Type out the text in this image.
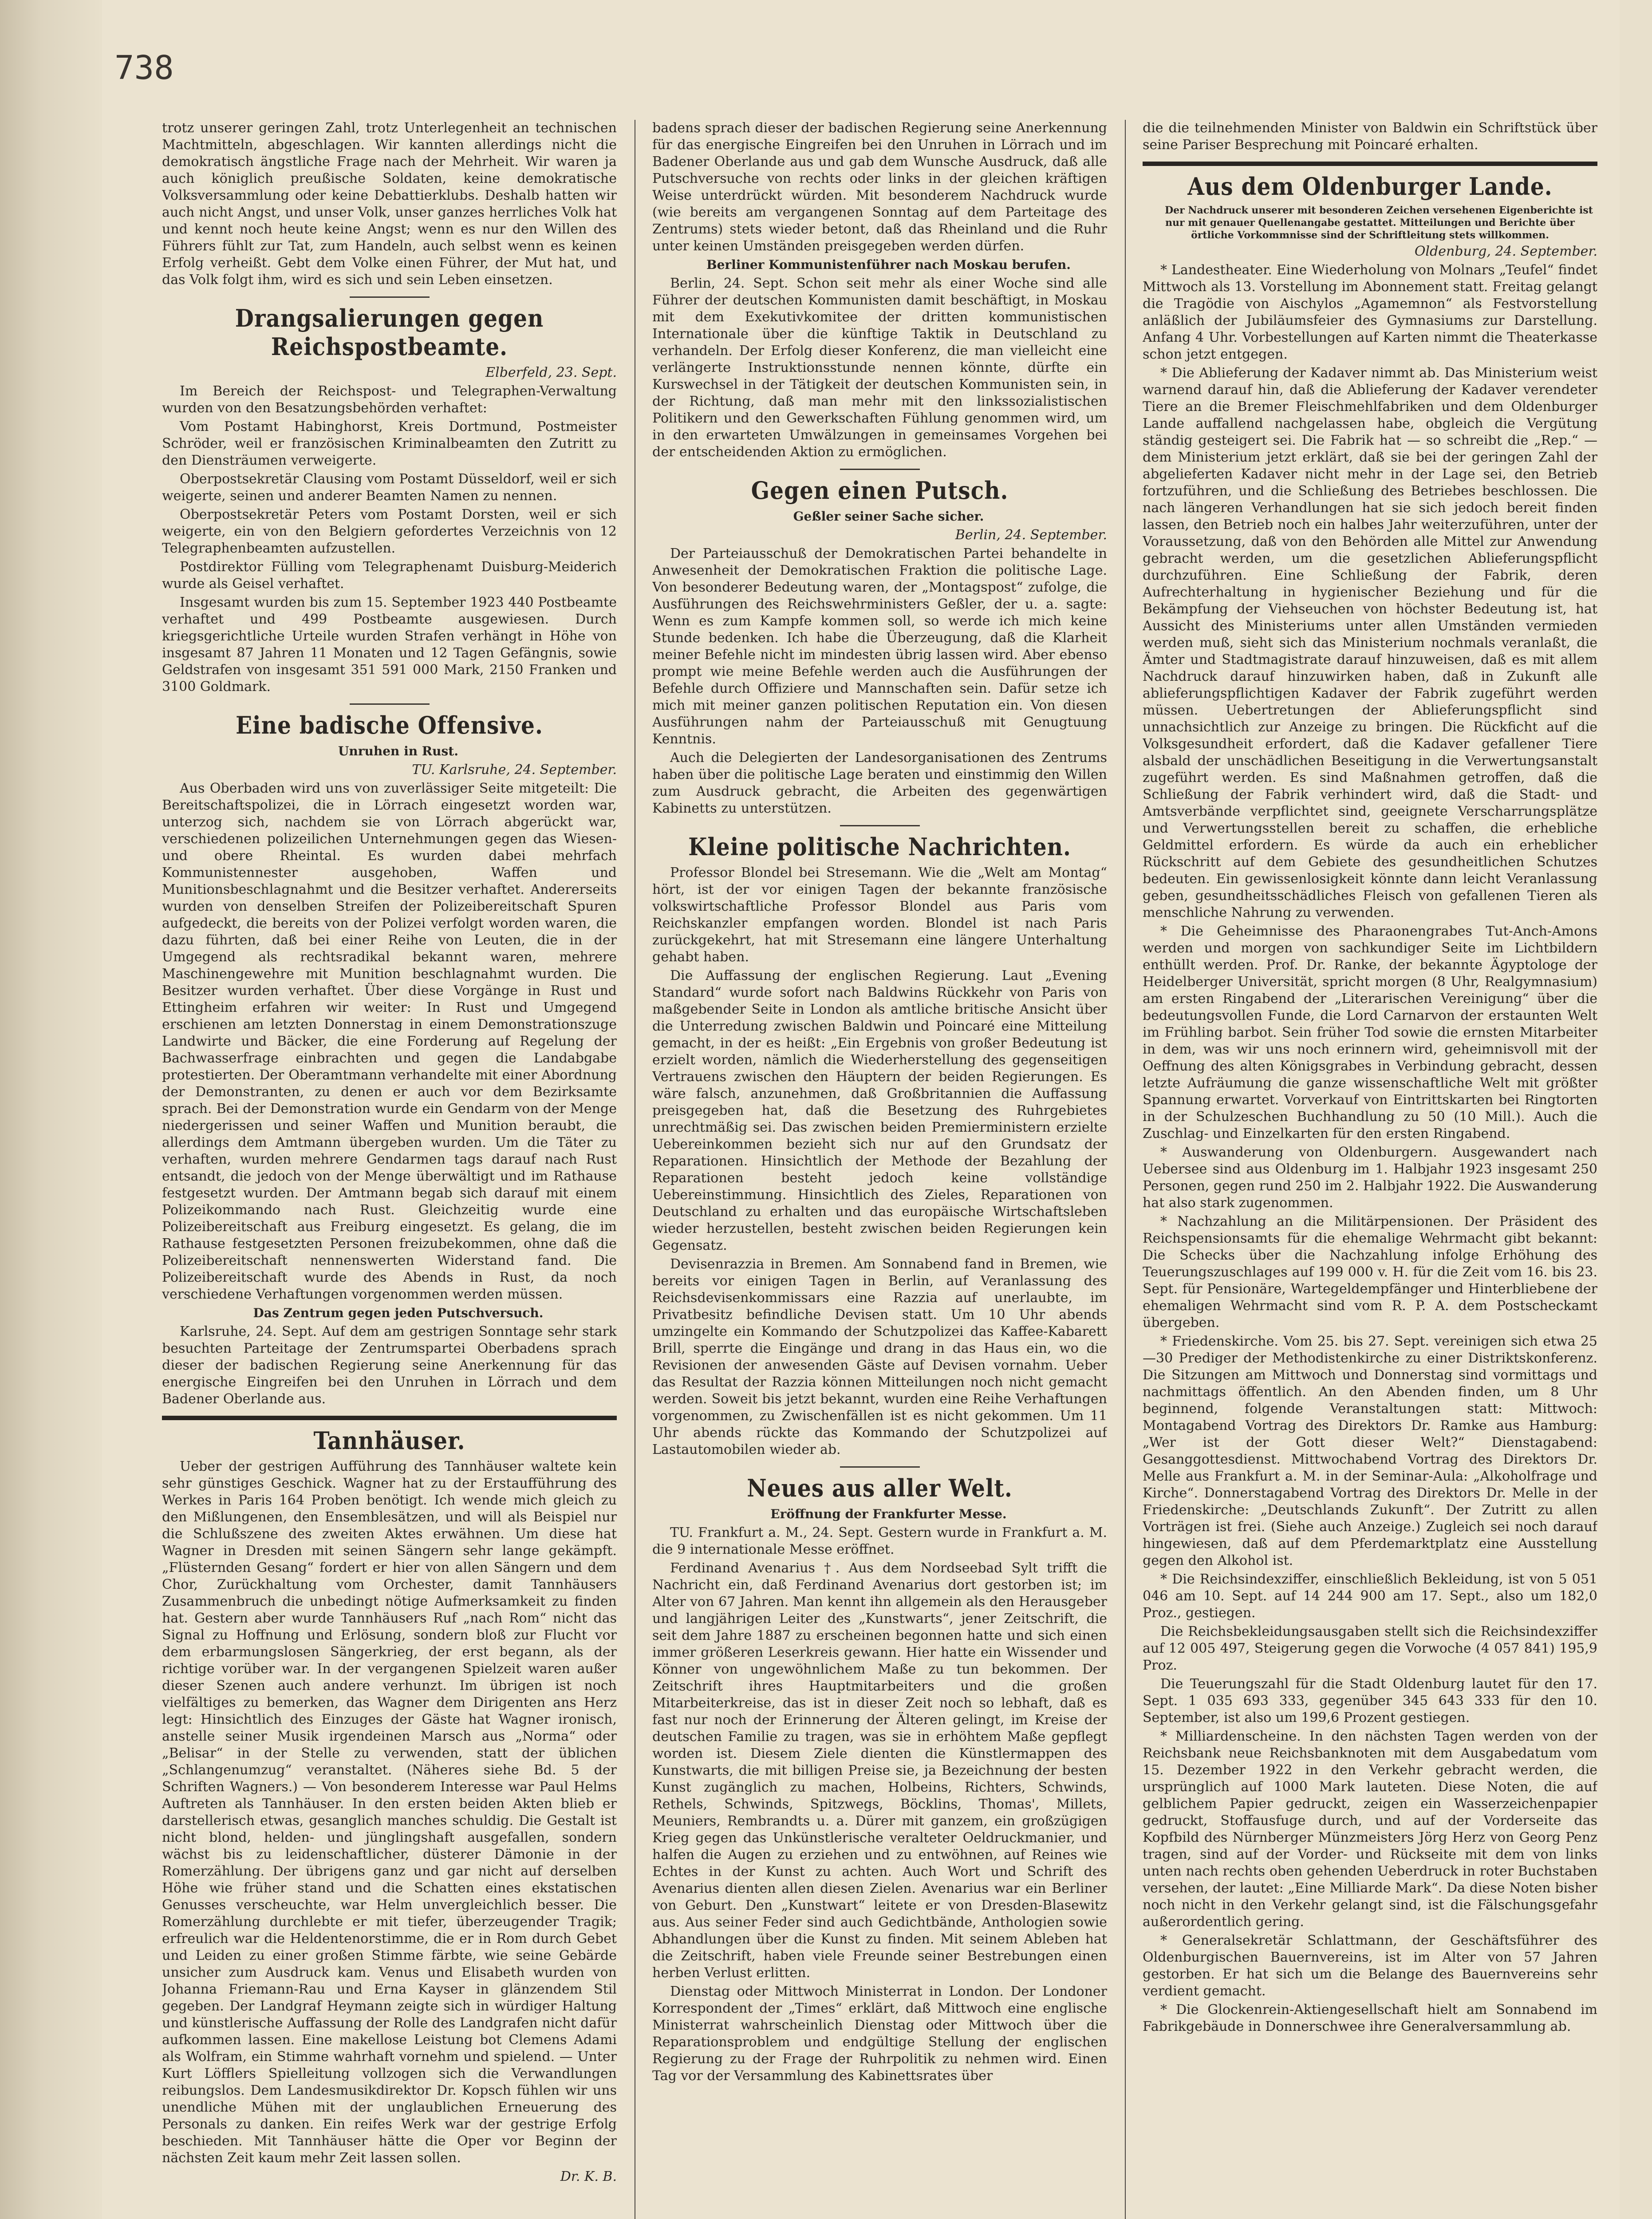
738

trotz unserer geringen Zahl, trotz Unterlegenheit an technischen Machtmitteln, abgeschlagen. Wir kannten allerdings nicht die demokratisch ängstliche Frage nach der Mehrheit. Wir waren ja auch königlich preußische Soldaten, keine demokratische Volksversammlung oder keine Debattierklubs. Deshalb hatten wir auch nicht Angst, und unser Volk, unser ganzes herrliches Volk hat und kennt noch heute keine Angst; wenn es nur den Willen des Führers fühlt zur Tat, zum Handeln, auch selbst wenn es keinen Erfolg verheißt. Gebt dem Volke einen Führer, der Mut hat, und das Volk folgt ihm, wird es sich und sein Leben einsetzen.

Drangsalierungen gegen Reichspostbeamte.

Elberfeld, 23. Sept.

Im Bereich der Reichspost- und Telegraphen-Verwaltung wurden von den Besatzungsbehörden verhaftet:

Vom Postamt Habinghorst, Kreis Dortmund, Postmeister Schröder, weil er französischen Kriminalbeamten den Zutritt zu den Diensträumen verweigerte.

Oberpostsekretär Clausing vom Postamt Düsseldorf, weil er sich weigerte, seinen und anderer Beamten Namen zu nennen.

Oberpostsekretär Peters vom Postamt Dorsten, weil er sich weigerte, ein von den Belgiern gefordertes Verzeichnis von 12 Telegraphenbeamten aufzustellen.

Postdirektor Fülling vom Telegraphenamt Duisburg-Meiderich wurde als Geisel verhaftet.

Insgesamt wurden bis zum 15. September 1923 440 Postbeamte verhaftet und 499 Postbeamte ausgewiesen. Durch kriegsgerichtliche Urteile wurden Strafen verhängt in Höhe von insgesamt 87 Jahren 11 Monaten und 12 Tagen Gefängnis, sowie Geldstrafen von insgesamt 351 591 000 Mark, 2150 Franken und 3100 Goldmark.

Eine badische Offensive.

Unruhen in Rust.

TU. Karlsruhe, 24. September.

Aus Oberbaden wird uns von zuverlässiger Seite mitgeteilt: Die Bereitschaftspolizei, die in Lörrach eingesetzt worden war, unterzog sich, nachdem sie von Lörrach abgerückt war, verschiedenen polizeilichen Unternehmungen gegen das Wiesen- und obere Rheintal. Es wurden dabei mehrfach Kommunistennester ausgehoben, Waffen und Munitionsbeschlagnahmt und die Besitzer verhaftet. Andererseits wurden von denselben Streifen der Polizeibereitschaft Spuren aufgedeckt, die bereits von der Polizei verfolgt worden waren, die dazu führten, daß bei einer Reihe von Leuten, die in der Umgegend als rechtsradikal bekannt waren, mehrere Maschinengewehre mit Munition beschlagnahmt wurden. Die Besitzer wurden verhaftet. Über diese Vorgänge in Rust und Ettingheim erfahren wir weiter: In Rust und Umgegend erschienen am letzten Donnerstag in einem Demonstrationszuge Landwirte und Bäcker, die eine Forderung auf Regelung der Bachwasserfrage einbrachten und gegen die Landabgabe protestierten. Der Oberamtmann verhandelte mit einer Abordnung der Demonstranten, zu denen er auch vor dem Bezirksamte sprach. Bei der Demonstration wurde ein Gendarm von der Menge niedergerissen und seiner Waffen und Munition beraubt, die allerdings dem Amtmann übergeben wurden. Um die Täter zu verhaften, wurden mehrere Gendarmen tags darauf nach Rust entsandt, die jedoch von der Menge überwältigt und im Rathause festgesetzt wurden. Der Amtmann begab sich darauf mit einem Polizeikommando nach Rust. Gleichzeitig wurde eine Polizeibereitschaft aus Freiburg eingesetzt. Es gelang, die im Rathause festgesetzten Personen freizubekommen, ohne daß die Polizeibereitschaft nennenswerten Widerstand fand. Die Polizeibereitschaft wurde des Abends in Rust, da noch verschiedene Verhaftungen vorgenommen werden müssen.

Das Zentrum gegen jeden Putschversuch.

Karlsruhe, 24. Sept. Auf dem am gestrigen Sonntage sehr stark besuchten Parteitage der Zentrumspartei Oberbadens sprach dieser der badischen Regierung seine Anerkennung für das energische Eingreifen bei den Unruhen in Lörrach und dem Badener Oberlande aus.

Tannhäuser.

Ueber der gestrigen Aufführung des Tannhäuser waltete kein sehr günstiges Geschick. Wagner hat zu der Erstaufführung des Werkes in Paris 164 Proben benötigt. Ich wende mich gleich zu den Mißlungenen, den Ensemblesätzen, und will als Beispiel nur die Schlußszene des zweiten Aktes erwähnen. Um diese hat Wagner in Dresden mit seinen Sängern sehr lange gekämpft. „Flüsternden Gesang“ fordert er hier von allen Sängern und dem Chor, Zurückhaltung vom Orchester, damit Tannhäusers Zusammenbruch die unbedingt nötige Aufmerksamkeit zu finden hat. Gestern aber wurde Tannhäusers Ruf „nach Rom“ nicht das Signal zu Hoffnung und Erlösung, sondern bloß zur Flucht vor dem erbarmungslosen Sängerkrieg, der erst begann, als der richtige vorüber war. In der vergangenen Spielzeit waren außer dieser Szenen auch andere verhunzt. Im übrigen ist noch vielfältiges zu bemerken, das Wagner dem Dirigenten ans Herz legt: Hinsichtlich des Einzuges der Gäste hat Wagner ironisch, anstelle seiner Musik irgendeinen Marsch aus „Norma“ oder „Belisar“ in der Stelle zu verwenden, statt der üblichen „Schlangenumzug“ veranstaltet. (Näheres siehe Bd. 5 der Schriften Wagners.) — Von besonderem Interesse war Paul Helms Auftreten als Tannhäuser. In den ersten beiden Akten blieb er darstellerisch etwas, gesanglich manches schuldig. Die Gestalt ist nicht blond, helden- und jünglingshaft ausgefallen, sondern wächst bis zu leidenschaftlicher, düsterer Dämonie in der Romerzählung. Der übrigens ganz und gar nicht auf derselben Höhe wie früher stand und die Schatten eines ekstatischen Genusses verscheuchte, war Helm unvergleichlich besser. Die Romerzählung durchlebte er mit tiefer, überzeugender Tragik; erfreulich war die Heldentenorstimme, die er in Rom durch Gebet und Leiden zu einer großen Stimme färbte, wie seine Gebärde unsicher zum Ausdruck kam. Venus und Elisabeth wurden von Johanna Friemann-Rau und Erna Kayser in glänzendem Stil gegeben. Der Landgraf Heymann zeigte sich in würdiger Haltung und künstlerische Auffassung der Rolle des Landgrafen nicht dafür aufkommen lassen. Eine makellose Leistung bot Clemens Adami als Wolfram, ein Stimme wahrhaft vornehm und spielend. — Unter Kurt Löfflers Spielleitung vollzogen sich die Verwandlungen reibungslos. Dem Landesmusikdirektor Dr. Kopsch fühlen wir uns unendliche Mühen mit der unglaublichen Erneuerung des Personals zu danken. Ein reifes Werk war der gestrige Erfolg beschieden. Mit Tannhäuser hätte die Oper vor Beginn der nächsten Zeit kaum mehr Zeit lassen sollen.

Dr. K. B.

badens sprach dieser der badischen Regierung seine Anerkennung für das energische Eingreifen bei den Unruhen in Lörrach und im Badener Oberlande aus und gab dem Wunsche Ausdruck, daß alle Putschversuche von rechts oder links in der gleichen kräftigen Weise unterdrückt würden. Mit besonderem Nachdruck wurde (wie bereits am vergangenen Sonntag auf dem Parteitage des Zentrums) stets wieder betont, daß das Rheinland und die Ruhr unter keinen Umständen preisgegeben werden dürfen.

Berliner Kommunistenführer nach Moskau berufen.

Berlin, 24. Sept. Schon seit mehr als einer Woche sind alle Führer der deutschen Kommunisten damit beschäftigt, in Moskau mit dem Exekutivkomitee der dritten kommunistischen Internationale über die künftige Taktik in Deutschland zu verhandeln. Der Erfolg dieser Konferenz, die man vielleicht eine verlängerte Instruktionsstunde nennen könnte, dürfte ein Kurswechsel in der Tätigkeit der deutschen Kommunisten sein, in der Richtung, daß man mehr mit den linkssozialistischen Politikern und den Gewerkschaften Fühlung genommen wird, um in den erwarteten Umwälzungen in gemeinsames Vorgehen bei der entscheidenden Aktion zu ermöglichen.

Gegen einen Putsch.

Geßler seiner Sache sicher.

Berlin, 24. September.

Der Parteiausschuß der Demokratischen Partei behandelte in Anwesenheit der Demokratischen Fraktion die politische Lage. Von besonderer Bedeutung waren, der „Montagspost“ zufolge, die Ausführungen des Reichswehrministers Geßler, der u. a. sagte: Wenn es zum Kampfe kommen soll, so werde ich mich keine Stunde bedenken. Ich habe die Überzeugung, daß die Klarheit meiner Befehle nicht im mindesten übrig lassen wird. Aber ebenso prompt wie meine Befehle werden auch die Ausführungen der Befehle durch Offiziere und Mannschaften sein. Dafür setze ich mich mit meiner ganzen politischen Reputation ein. Von diesen Ausführungen nahm der Parteiausschuß mit Genugtuung Kenntnis.

Auch die Delegierten der Landesorganisationen des Zentrums haben über die politische Lage beraten und einstimmig den Willen zum Ausdruck gebracht, die Arbeiten des gegenwärtigen Kabinetts zu unterstützen.

Kleine politische Nachrichten.

Professor Blondel bei Stresemann. Wie die „Welt am Montag“ hört, ist der vor einigen Tagen der bekannte französische volkswirtschaftliche Professor Blondel aus Paris vom Reichskanzler empfangen worden. Blondel ist nach Paris zurückgekehrt, hat mit Stresemann eine längere Unterhaltung gehabt haben.

Die Auffassung der englischen Regierung. Laut „Evening Standard“ wurde sofort nach Baldwins Rückkehr von Paris von maßgebender Seite in London als amtliche britische Ansicht über die Unterredung zwischen Baldwin und Poincaré eine Mitteilung gemacht, in der es heißt: „Ein Ergebnis von großer Bedeutung ist erzielt worden, nämlich die Wiederherstellung des gegenseitigen Vertrauens zwischen den Häuptern der beiden Regierungen. Es wäre falsch, anzunehmen, daß Großbritannien die Auffassung preisgegeben hat, daß die Besetzung des Ruhrgebietes unrechtmäßig sei. Das zwischen beiden Premierministern erzielte Uebereinkommen bezieht sich nur auf den Grundsatz der Reparationen. Hinsichtlich der Methode der Bezahlung der Reparationen besteht jedoch keine vollständige Uebereinstimmung. Hinsichtlich des Zieles, Reparationen von Deutschland zu erhalten und das europäische Wirtschaftsleben wieder herzustellen, besteht zwischen beiden Regierungen kein Gegensatz.

Devisenrazzia in Bremen. Am Sonnabend fand in Bremen, wie bereits vor einigen Tagen in Berlin, auf Veranlassung des Reichsdevisenkommissars eine Razzia auf unerlaubte, im Privatbesitz befindliche Devisen statt. Um 10 Uhr abends umzingelte ein Kommando der Schutzpolizei das Kaffee-Kabarett Brill, sperrte die Eingänge und drang in das Haus ein, wo die Revisionen der anwesenden Gäste auf Devisen vornahm. Ueber das Resultat der Razzia können Mitteilungen noch nicht gemacht werden. Soweit bis jetzt bekannt, wurden eine Reihe Verhaftungen vorgenommen, zu Zwischenfällen ist es nicht gekommen. Um 11 Uhr abends rückte das Kommando der Schutzpolizei auf Lastautomobilen wieder ab.

Neues aus aller Welt.

Eröffnung der Frankfurter Messe.

TU. Frankfurt a. M., 24. Sept. Gestern wurde in Frankfurt a. M. die 9 internationale Messe eröffnet.

Ferdinand Avenarius †. Aus dem Nordseebad Sylt trifft die Nachricht ein, daß Ferdinand Avenarius dort gestorben ist; im Alter von 67 Jahren. Man kennt ihn allgemein als den Herausgeber und langjährigen Leiter des „Kunstwarts“, jener Zeitschrift, die seit dem Jahre 1887 zu erscheinen begonnen hatte und sich einen immer größeren Leserkreis gewann. Hier hatte ein Wissender und Könner von ungewöhnlichem Maße zu tun bekommen. Der Zeitschrift ihres Hauptmitarbeiters und die großen Mitarbeiterkreise, das ist in dieser Zeit noch so lebhaft, daß es fast nur noch der Erinnerung der Älteren gelingt, im Kreise der deutschen Familie zu tragen, was sie in erhöhtem Maße gepflegt worden ist. Diesem Ziele dienten die Künstlermappen des Kunstwarts, die mit billigen Preise sie, ja Bezeichnung der besten Kunst zugänglich zu machen, Holbeins, Richters, Schwinds, Rethels, Schwinds, Spitzwegs, Böcklins, Thomas', Millets, Meuniers, Rembrandts u. a. Dürer mit ganzem, ein großzügigen Krieg gegen das Unkünstlerische veralteter Oeldruckmanier, und halfen die Augen zu erziehen und zu entwöhnen, auf Reines wie Echtes in der Kunst zu achten. Auch Wort und Schrift des Avenarius dienten allen diesen Zielen. Avenarius war ein Berliner von Geburt. Den „Kunstwart“ leitete er von Dresden-Blasewitz aus. Aus seiner Feder sind auch Gedichtbände, Anthologien sowie Abhandlungen über die Kunst zu finden. Mit seinem Ableben hat die Zeitschrift, haben viele Freunde seiner Bestrebungen einen herben Verlust erlitten.

Dienstag oder Mittwoch Ministerrat in London. Der Londoner Korrespondent der „Times“ erklärt, daß Mittwoch eine englische Ministerrat wahrscheinlich Dienstag oder Mittwoch über die Reparationsproblem und endgültige Stellung der englischen Regierung zu der Frage der Ruhrpolitik zu nehmen wird. Einen Tag vor der Versammlung des Kabinettsrates über

die die teilnehmenden Minister von Baldwin ein Schriftstück über seine Pariser Besprechung mit Poincaré erhalten.

Aus dem Oldenburger Lande.

Der Nachdruck unserer mit besonderen Zeichen versehenen Eigenberichte ist nur mit genauer Quellenangabe gestattet. Mitteilungen und Berichte über örtliche Vorkommnisse sind der Schriftleitung stets willkommen.

Oldenburg, 24. September.

* Landestheater. Eine Wiederholung von Molnars „Teufel“ findet Mittwoch als 13. Vorstellung im Abonnement statt. Freitag gelangt die Tragödie von Aischylos „Agamemnon“ als Festvorstellung anläßlich der Jubiläumsfeier des Gymnasiums zur Darstellung. Anfang 4 Uhr. Vorbestellungen auf Karten nimmt die Theaterkasse schon jetzt entgegen.

* Die Ablieferung der Kadaver nimmt ab. Das Ministerium weist warnend darauf hin, daß die Ablieferung der Kadaver verendeter Tiere an die Bremer Fleischmehlfabriken und dem Oldenburger Lande auffallend nachgelassen habe, obgleich die Vergütung ständig gesteigert sei. Die Fabrik hat — so schreibt die „Rep.“ — dem Ministerium jetzt erklärt, daß sie bei der geringen Zahl der abgelieferten Kadaver nicht mehr in der Lage sei, den Betrieb fortzuführen, und die Schließung des Betriebes beschlossen. Die nach längeren Verhandlungen hat sie sich jedoch bereit finden lassen, den Betrieb noch ein halbes Jahr weiterzuführen, unter der Voraussetzung, daß von den Behörden alle Mittel zur Anwendung gebracht werden, um die gesetzlichen Ablieferungspflicht durchzuführen. Eine Schließung der Fabrik, deren Aufrechterhaltung in hygienischer Beziehung und für die Bekämpfung der Viehseuchen von höchster Bedeutung ist, hat Aussicht des Ministeriums unter allen Umständen vermieden werden muß, sieht sich das Ministerium nochmals veranlaßt, die Ämter und Stadtmagistrate darauf hinzuweisen, daß es mit allem Nachdruck darauf hinzuwirken haben, daß in Zukunft alle ablieferungspflichtigen Kadaver der Fabrik zugeführt werden müssen. Uebertretungen der Ablieferungspflicht sind unnachsichtlich zur Anzeige zu bringen. Die Rückficht auf die Volksgesundheit erfordert, daß die Kadaver gefallener Tiere alsbald der unschädlichen Beseitigung in die Verwertungsanstalt zugeführt werden. Es sind Maßnahmen getroffen, daß die Schließung der Fabrik verhindert wird, daß die Stadt- und Amtsverbände verpflichtet sind, geeignete Verscharrungsplätze und Verwertungsstellen bereit zu schaffen, die erhebliche Geldmittel erfordern. Es würde da auch ein erheblicher Rückschritt auf dem Gebiete des gesundheitlichen Schutzes bedeuten. Ein gewissenlosigkeit könnte dann leicht Veranlassung geben, gesundheitsschädliches Fleisch von gefallenen Tieren als menschliche Nahrung zu verwenden.

* Die Geheimnisse des Pharaonengrabes Tut-Anch-Amons werden und morgen von sachkundiger Seite im Lichtbildern enthüllt werden. Prof. Dr. Ranke, der bekannte Ägyptologe der Heidelberger Universität, spricht morgen (8 Uhr, Realgymnasium) am ersten Ringabend der „Literarischen Vereinigung“ über die bedeutungsvollen Funde, die Lord Carnarvon der erstaunten Welt im Frühling barbot. Sein früher Tod sowie die ernsten Mitarbeiter in dem, was wir uns noch erinnern wird, geheimnisvoll mit der Oeffnung des alten Königsgrabes in Verbindung gebracht, dessen letzte Aufräumung die ganze wissenschaftliche Welt mit größter Spannung erwartet. Vorverkauf von Eintrittskarten bei Ringtorten in der Schulzeschen Buchhandlung zu 50 (10 Mill.). Auch die Zuschlag- und Einzelkarten für den ersten Ringabend.

* Auswanderung von Oldenburgern. Ausgewandert nach Uebersee sind aus Oldenburg im 1. Halbjahr 1923 insgesamt 250 Personen, gegen rund 250 im 2. Halbjahr 1922. Die Auswanderung hat also stark zugenommen.

* Nachzahlung an die Militärpensionen. Der Präsident des Reichspensionsamts für die ehemalige Wehrmacht gibt bekannt: Die Schecks über die Nachzahlung infolge Erhöhung des Teuerungszuschlages auf 199 000 v. H. für die Zeit vom 16. bis 23. Sept. für Pensionäre, Wartegeldempfänger und Hinterbliebene der ehemaligen Wehrmacht sind vom R. P. A. dem Postscheckamt übergeben.

* Friedenskirche. Vom 25. bis 27. Sept. vereinigen sich etwa 25—30 Prediger der Methodistenkirche zu einer Distriktskonferenz. Die Sitzungen am Mittwoch und Donnerstag sind vormittags und nachmittags öffentlich. An den Abenden finden, um 8 Uhr beginnend, folgende Veranstaltungen statt: Mittwoch: Montagabend Vortrag des Direktors Dr. Ramke aus Hamburg: „Wer ist der Gott dieser Welt?“ Dienstagabend: Gesanggottesdienst. Mittwochabend Vortrag des Direktors Dr. Melle aus Frankfurt a. M. in der Seminar-Aula: „Alkoholfrage und Kirche“. Donnerstagabend Vortrag des Direktors Dr. Melle in der Friedenskirche: „Deutschlands Zukunft“. Der Zutritt zu allen Vorträgen ist frei. (Siehe auch Anzeige.) Zugleich sei noch darauf hingewiesen, daß auf dem Pferdemarktplatz eine Ausstellung gegen den Alkohol ist.

* Die Reichsindexziffer, einschließlich Bekleidung, ist von 5 051 046 am 10. Sept. auf 14 244 900 am 17. Sept., also um 182,0 Proz., gestiegen.

Die Reichsbekleidungsausgaben stellt sich die Reichsindexziffer auf 12 005 497, Steigerung gegen die Vorwoche (4 057 841) 195,9 Proz.

Die Teuerungszahl für die Stadt Oldenburg lautet für den 17. Sept. 1 035 693 333, gegenüber 345 643 333 für den 10. September, ist also um 199,6 Prozent gestiegen.

* Milliardenscheine. In den nächsten Tagen werden von der Reichsbank neue Reichsbanknoten mit dem Ausgabedatum vom 15. Dezember 1922 in den Verkehr gebracht werden, die ursprünglich auf 1000 Mark lauteten. Diese Noten, die auf gelblichem Papier gedruckt, zeigen ein Wasserzeichenpapier gedruckt, Stoffausfuge durch, und auf der Vorderseite das Kopfbild des Nürnberger Münzmeisters Jörg Herz von Georg Penz tragen, sind auf der Vorder- und Rückseite mit dem von links unten nach rechts oben gehenden Ueberdruck in roter Buchstaben versehen, der lautet: „Eine Milliarde Mark“. Da diese Noten bisher noch nicht in den Verkehr gelangt sind, ist die Fälschungsgefahr außerordentlich gering.

* Generalsekretär Schlattmann, der Geschäftsführer des Oldenburgischen Bauernvereins, ist im Alter von 57 Jahren gestorben. Er hat sich um die Belange des Bauernvereins sehr verdient gemacht.

* Die Glockenrein-Aktiengesellschaft hielt am Sonnabend im Fabrikgebäude in Donnerschwee ihre Generalversammlung ab.
